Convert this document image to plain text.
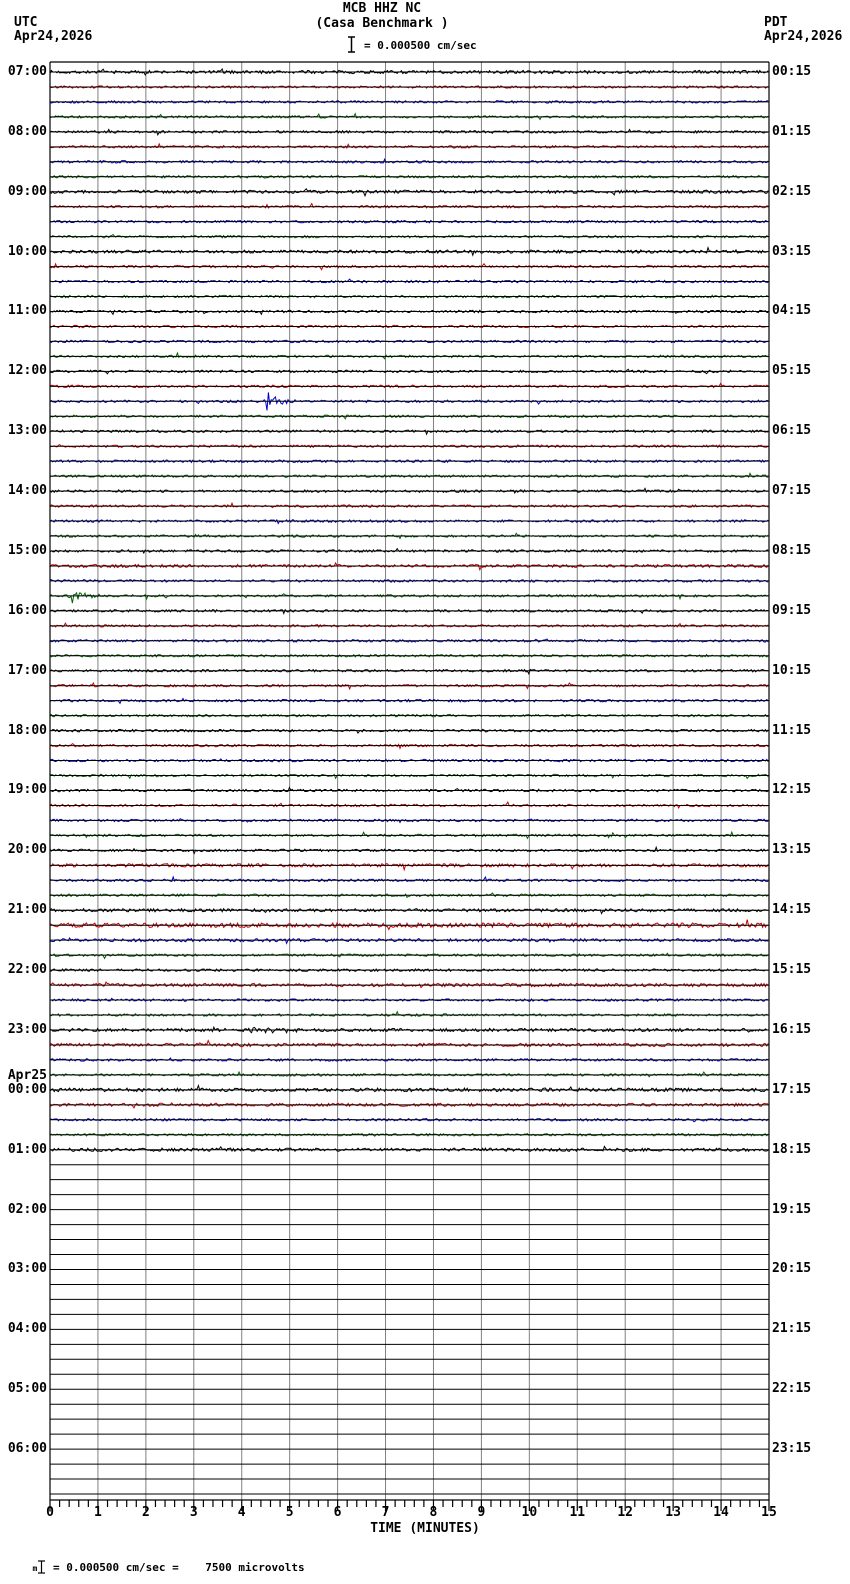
UTC
Apr24,2026
MCB HHZ NC
(Casa Benchmark )
= 0.000500 cm/sec
PDT
Apr24,2026
07:00
08:00
09:00
10:00
11:00
12:00
13:00
14:00
15:00
16:00
17:00
18:00
19:00
20:00
21:00
22:00
23:00
Apr25
00:00
01:00
02:00
03:00
04:00
05:00
06:00
00:15
01:15
02:15
03:15
04:15
05:15
06:15
07:15
08:15
09:15
10:15
11:15
12:15
13:15
14:15
15:15
16:15
17:15
18:15
19:15
20:15
21:15
22:15
23:15
0	1	2	3	4	5	6	7	8	9	10	11	12	13	14	15
TIME (MINUTES)

m = 0.000500 cm/sec =    7500 microvolts
